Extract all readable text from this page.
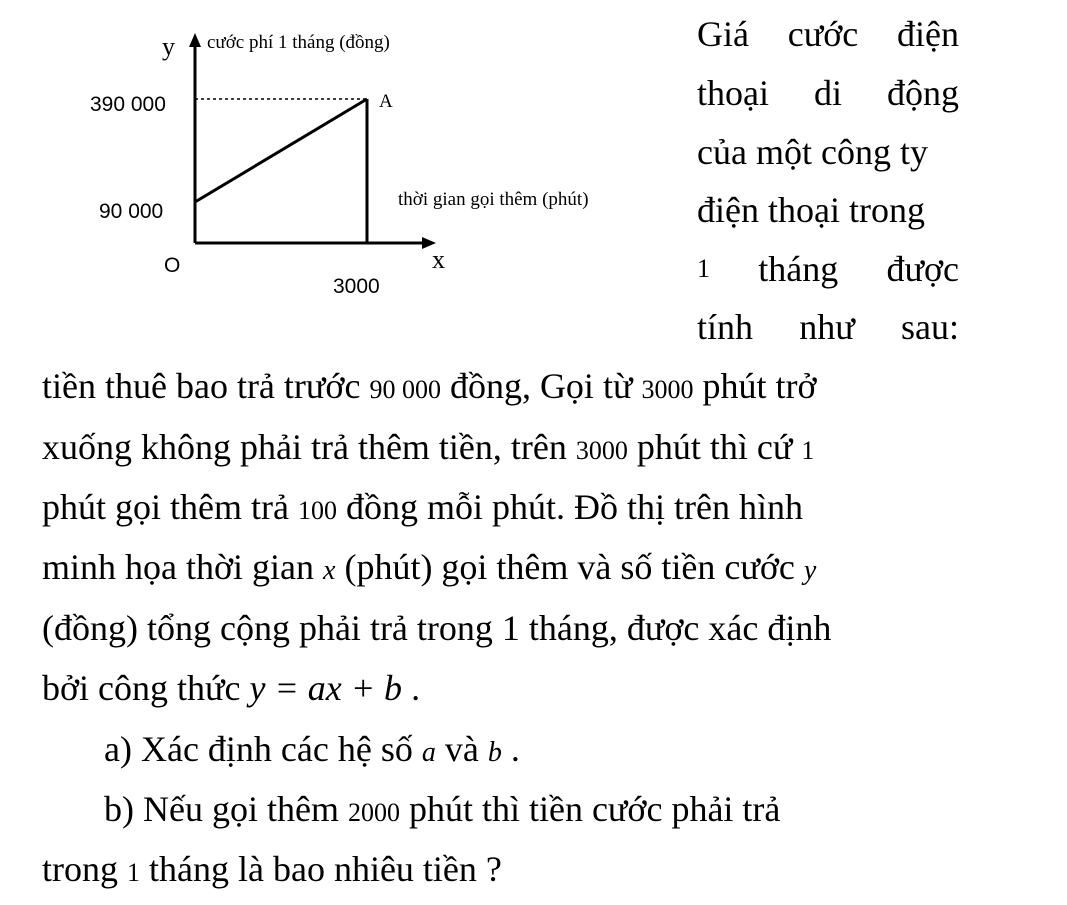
y cước phí 1 tháng (đồng)
390 000
90 000
A
thời gian gọi thêm (phút)
O	x
3000
Giá cước điện
thoại di động
của một công ty
điện thoại trong
1 tháng được
tính như sau:
tiền thuê bao trả trước 90 000 đồng, Gọi từ 3000 phút trở
xuống không phải trả thêm tiền, trên 3000 phút thì cứ 1
phút gọi thêm trả 100 đồng mỗi phút. Đồ thị trên hình
minh họa thời gian x (phút) gọi thêm và số tiền cước y
(đồng) tổng cộng phải trả trong 1 tháng, được xác định
bởi công thức y = ax + b .
a) Xác định các hệ số a và b .
b) Nếu gọi thêm 2000 phút thì tiền cước phải trả
trong 1 tháng là bao nhiêu tiền ?
